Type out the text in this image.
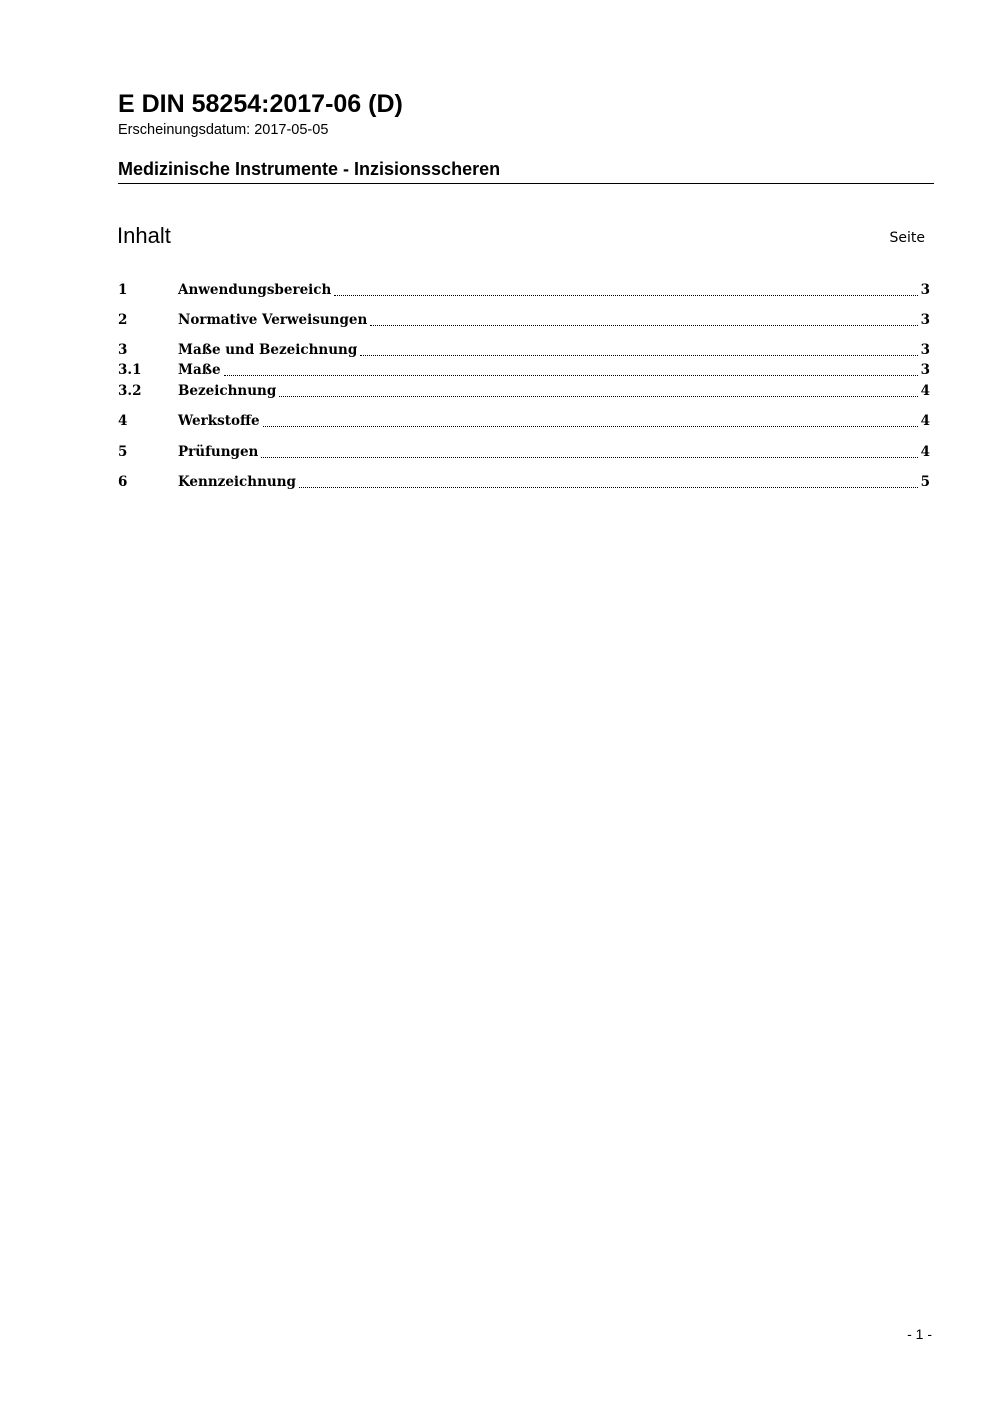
E DIN 58254:2017-06 (D)
Erscheinungsdatum: 2017-05-05
Medizinische Instrumente - Inzisionsscheren
Inhalt	Seite
1	Anwendungsbereich	3
2	Normative Verweisungen	3
3	Maße und Bezeichnung	3
3.1	Maße	3
3.2	Bezeichnung	4
4	Werkstoffe	4
5	Prüfungen	4
6	Kennzeichnung	5
- 1 -
